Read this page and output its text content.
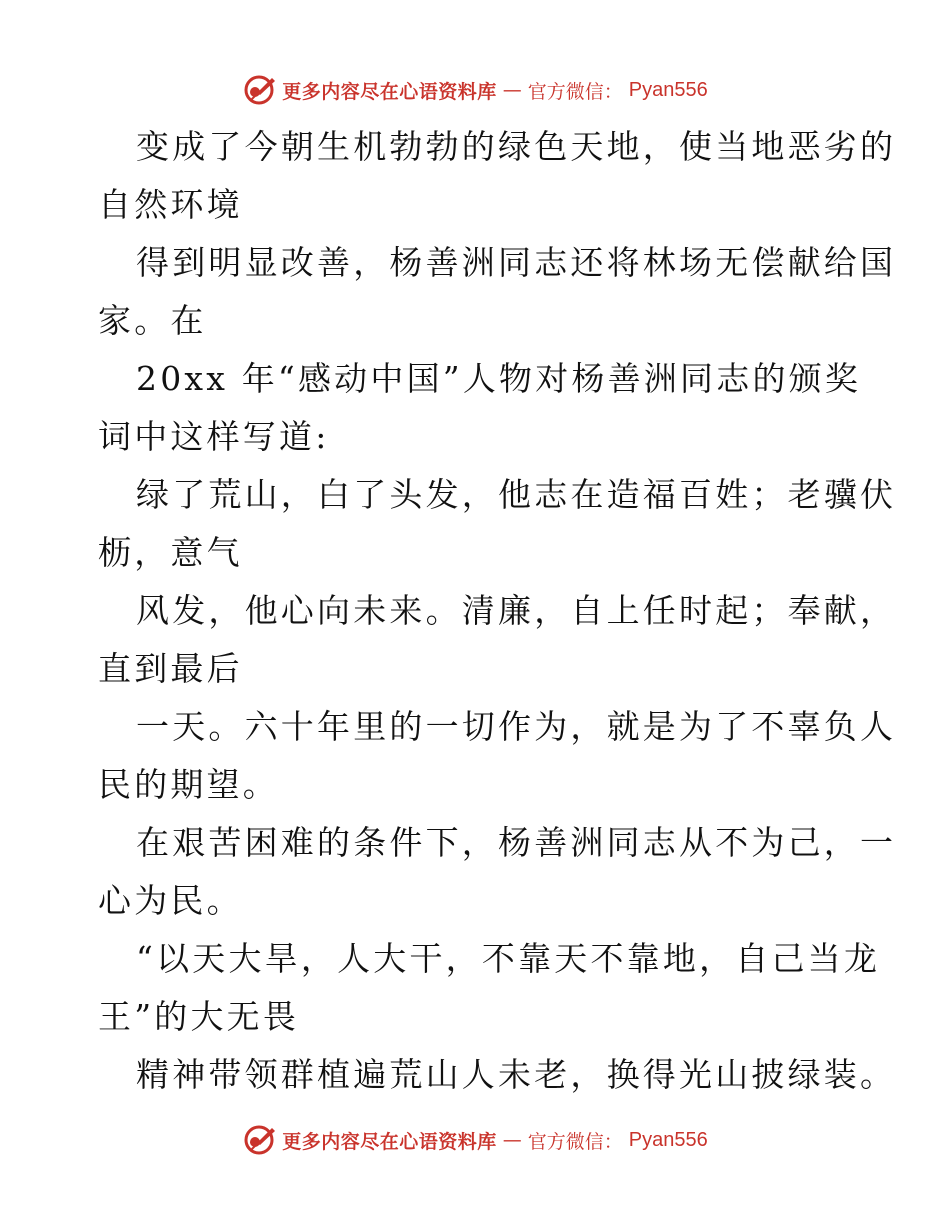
更多内容尽在心语资料库 — 官方微信： Pyan556
变成了今朝生机勃勃的绿色天地，使当地恶劣的
自然环境
得到明显改善，杨善洲同志还将林场无偿献给国
家。在
20xx 年“感动中国”人物对杨善洲同志的颁奖
词中这样写道:
绿了荒山，白了头发，他志在造福百姓；老骥伏
枥，意气
风发，他心向未来。清廉，自上任时起；奉献，
直到最后
一天。六十年里的一切作为，就是为了不辜负人
民的期望。
在艰苦困难的条件下，杨善洲同志从不为己，一
心为民。
“以天大旱，人大干，不靠天不靠地，自己当龙
王”的大无畏
精神带领群植遍荒山人未老，换得光山披绿装。
更多内容尽在心语资料库 — 官方微信： Pyan556
